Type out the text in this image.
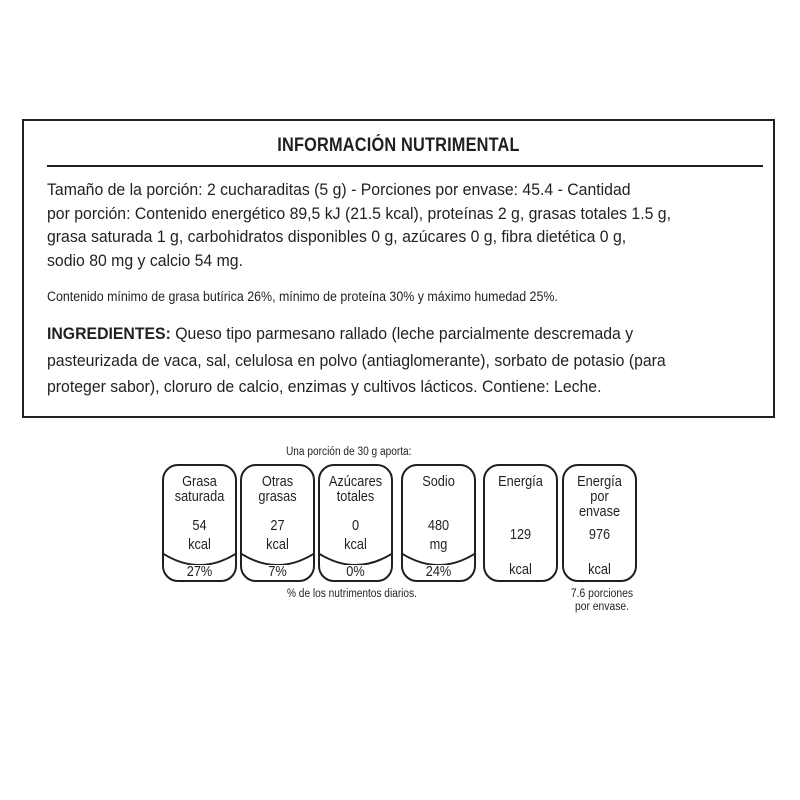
INFORMACIÓN NUTRIMENTAL
Tamaño de la porción: 2 cucharaditas (5 g) - Porciones por envase: 45.4 - Cantidad
por porción: Contenido energético 89,5 kJ (21.5 kcal), proteínas 2 g, grasas totales 1.5 g,
grasa saturada 1 g, carbohidratos disponibles 0 g, azúcares 0 g, fibra dietética 0 g,
sodio 80 mg y calcio 54 mg.
Contenido mínimo de grasa butírica 26%, mínimo de proteína 30% y máximo humedad 25%.
INGREDIENTES: Queso tipo parmesano rallado (leche parcialmente descremada y
pasteurizada de vaca, sal, celulosa en polvo (antiaglomerante), sorbato de potasio (para
proteger sabor), cloruro de calcio, enzimas y cultivos lácticos. Contiene: Leche.
Una porción de 30 g aporta:
Grasa
saturada
54
kcal
27%
Otras
grasas
27
kcal
7%
Azúcares
totales
0
kcal
0%
Sodio
480
mg
24%
Energía
129
kcal
Energía
por envase
976
kcal
% de los nutrimentos diarios.	7.6 porciones
por envase.
